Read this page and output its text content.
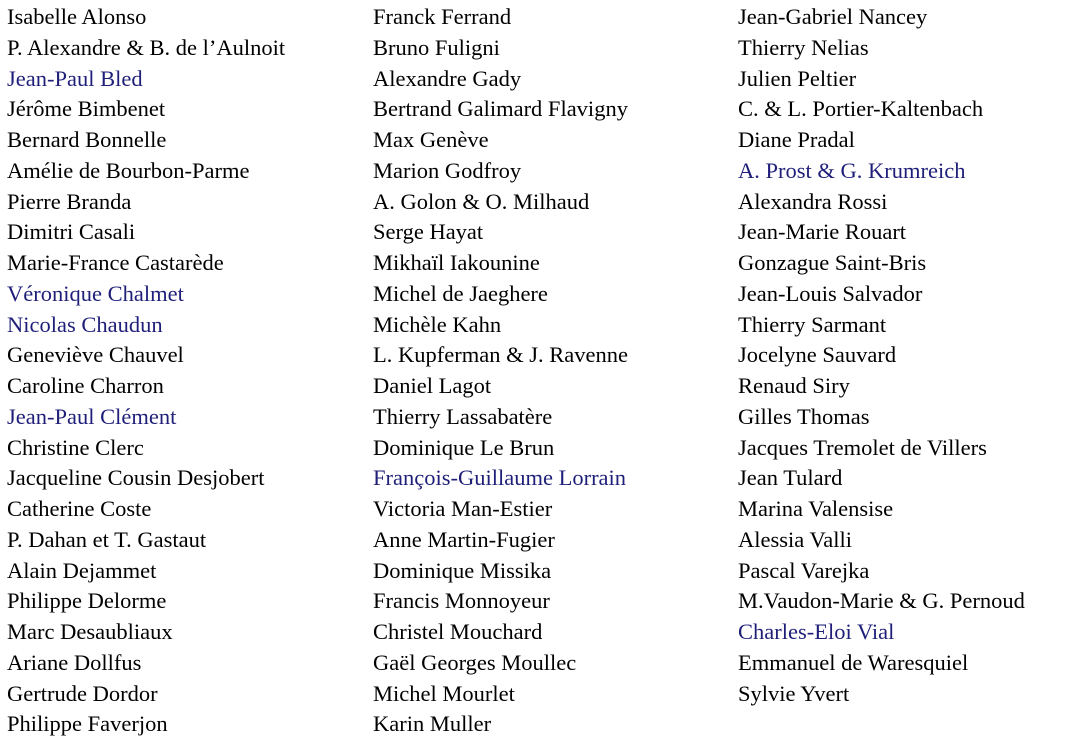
Isabelle Alonso
P. Alexandre & B. de l’Aulnoit
Jean-Paul Bled
Jérôme Bimbenet
Bernard Bonnelle
Amélie de Bourbon-Parme
Pierre Branda
Dimitri Casali
Marie-France Castarède
Véronique Chalmet
Nicolas Chaudun
Geneviève Chauvel
Caroline Charron
Jean-Paul Clément
Christine Clerc
Jacqueline Cousin Desjobert
Catherine Coste
P. Dahan et T. Gastaut
Alain Dejammet
Philippe Delorme
Marc Desaubliaux
Ariane Dollfus
Gertrude Dordor
Philippe Faverjon
Franck Ferrand
Bruno Fuligni
Alexandre Gady
Bertrand Galimard Flavigny
Max Genève
Marion Godfroy
A. Golon & O. Milhaud
Serge Hayat
Mikhaïl Iakounine
Michel de Jaeghere
Michèle Kahn
L. Kupferman & J. Ravenne
Daniel Lagot
Thierry Lassabatère
Dominique Le Brun
François-Guillaume Lorrain
Victoria Man-Estier
Anne Martin-Fugier
Dominique Missika
Francis Monnoyeur
Christel Mouchard
Gaël Georges Moullec
Michel Mourlet
Karin Muller
Jean-Gabriel Nancey
Thierry Nelias
Julien Peltier
C. & L. Portier-Kaltenbach
Diane Pradal
A. Prost & G. Krumreich
Alexandra Rossi
Jean-Marie Rouart
Gonzague Saint-Bris
Jean-Louis Salvador
Thierry Sarmant
Jocelyne Sauvard
Renaud Siry
Gilles Thomas
Jacques Tremolet de Villers
Jean Tulard
Marina Valensise
Alessia Valli
Pascal Varejka
M.Vaudon-Marie & G. Pernoud
Charles-Eloi Vial
Emmanuel de Waresquiel
Sylvie Yvert
